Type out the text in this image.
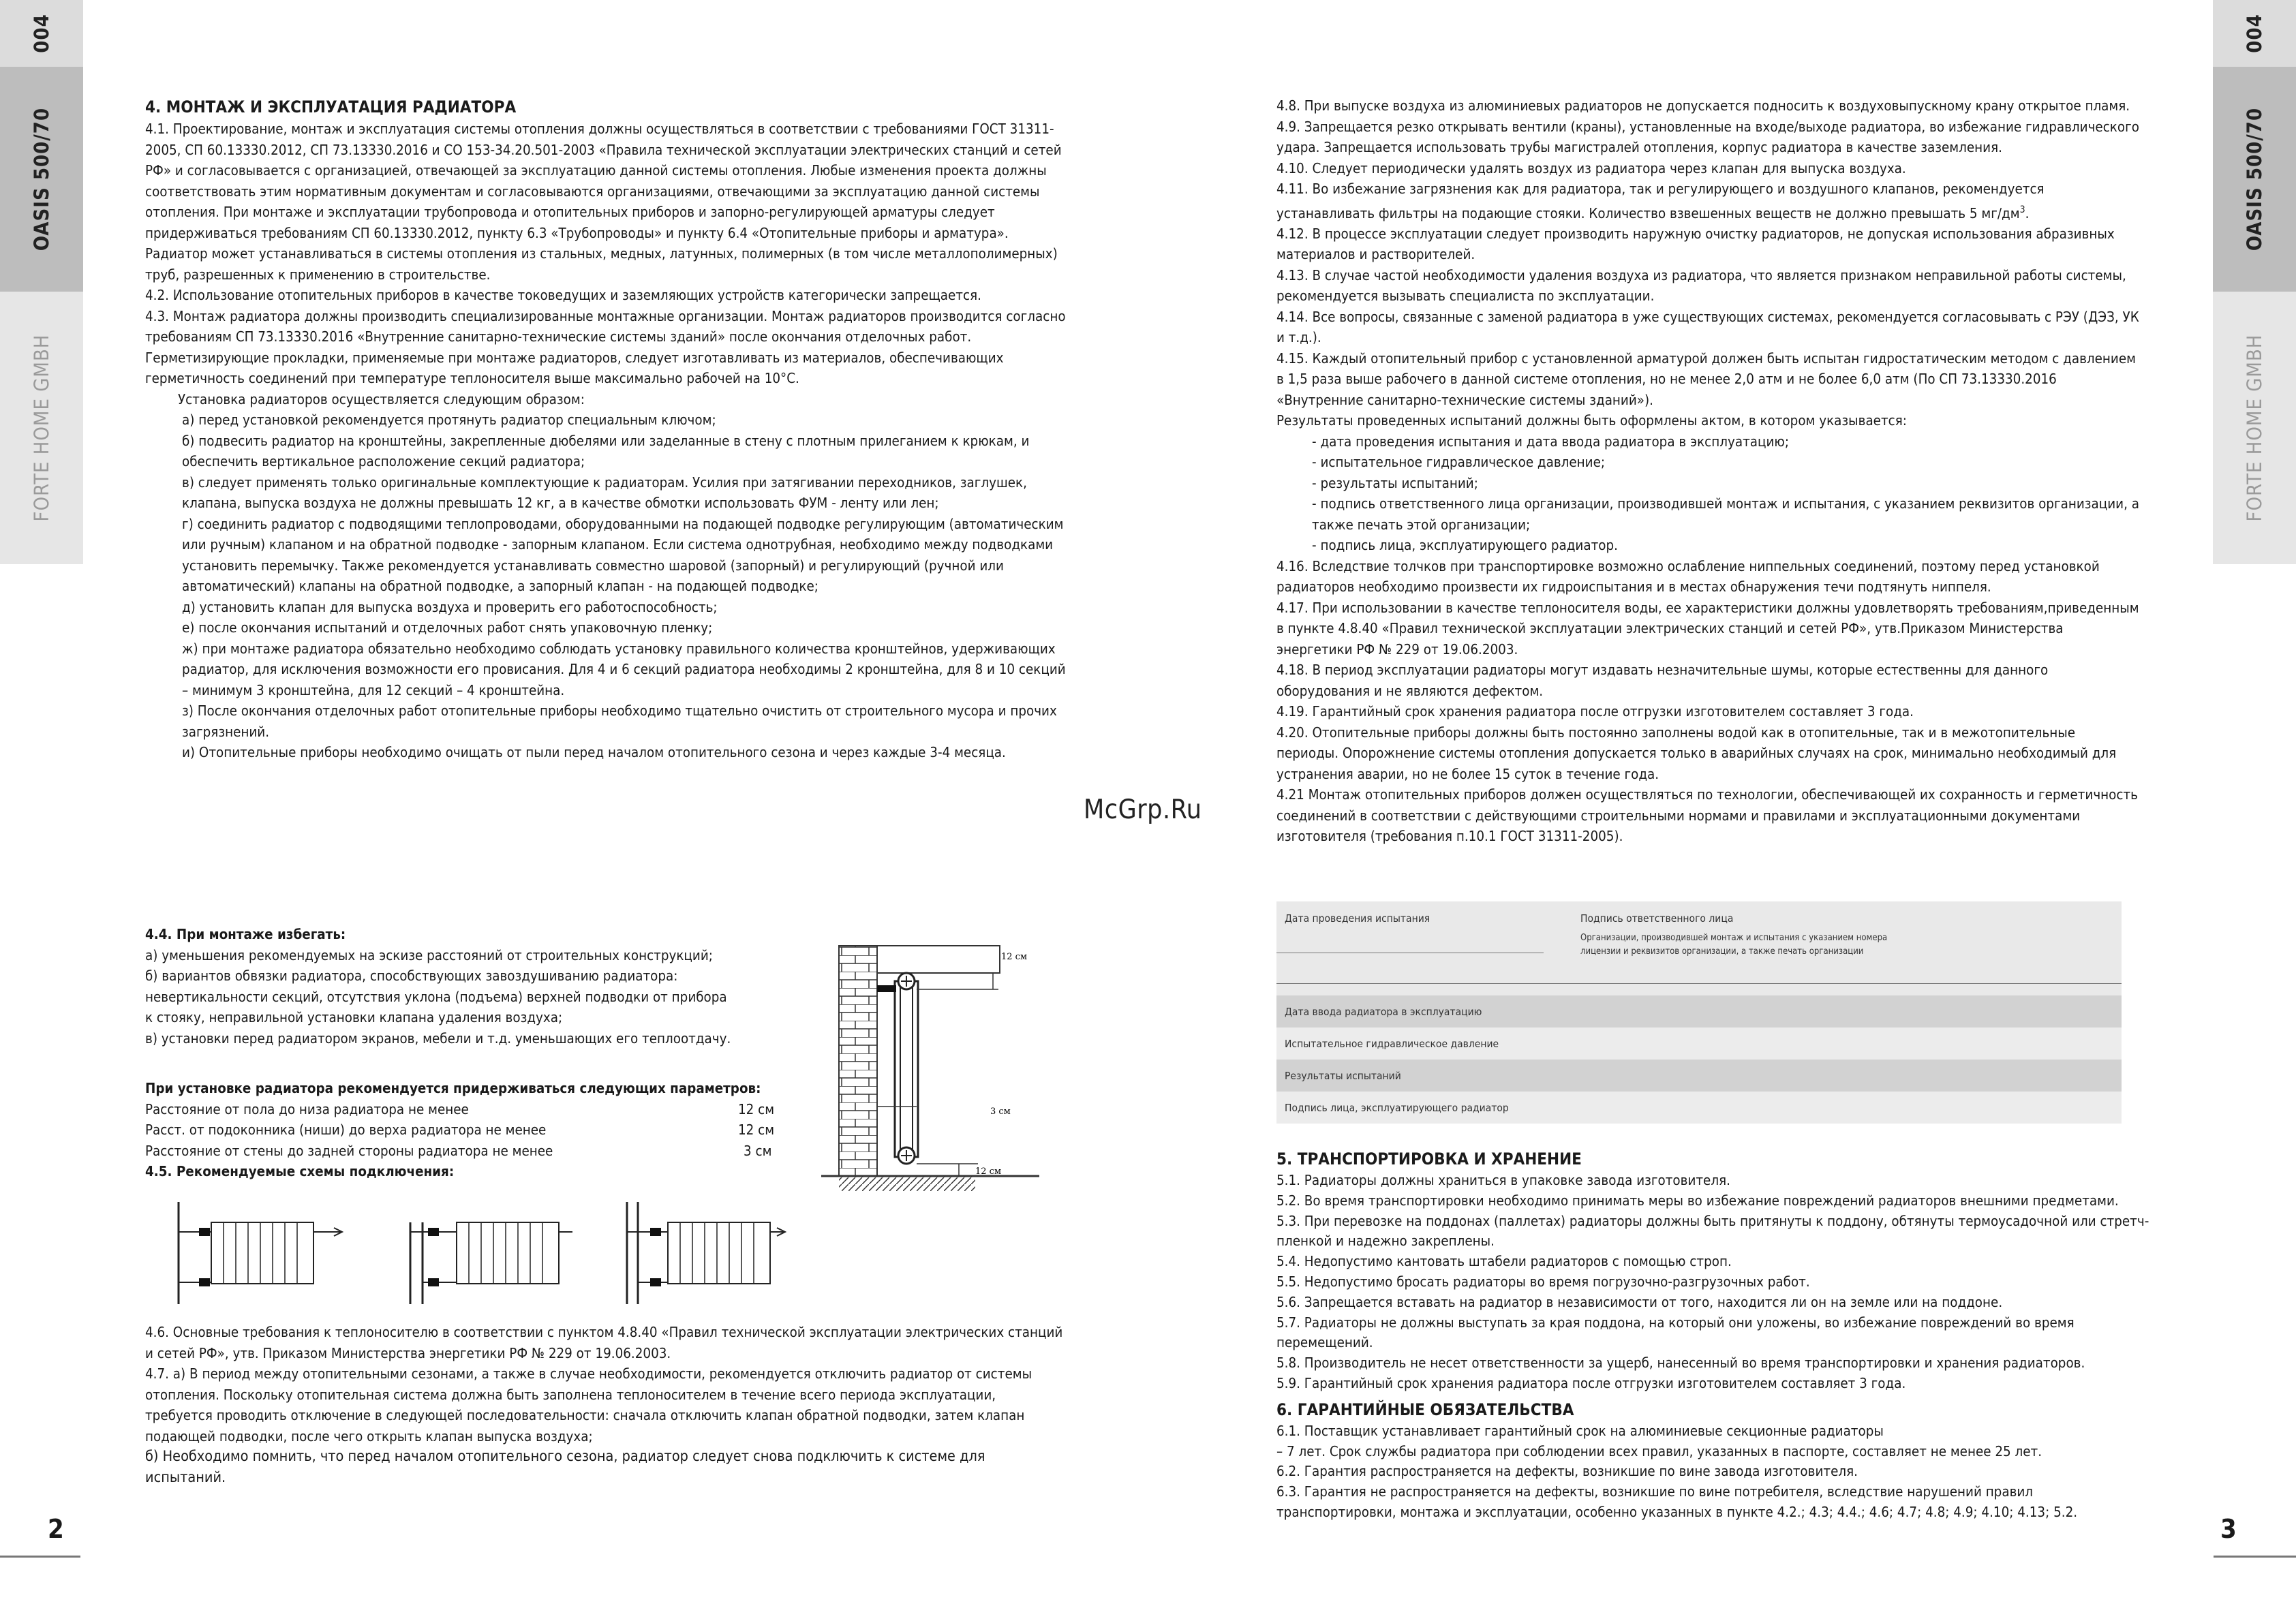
004
OASIS 500/70
FORTE HOME GMBH
004
OASIS 500/70
FORTE HOME GMBH
2	3
McGrp.Ru

4. МОНТАЖ И ЭКСПЛУАТАЦИЯ РАДИАТОРА

4.1. Проектирование, монтаж и эксплуатация системы отопления должны осуществляться в соответствии с требованиями ГОСТ 31311-2005, СП 60.13330.2012, СП 73.13330.2016 и СО 153-34.20.501-2003 «Правила технической эксплуатации электрических станций и сетей РФ» и согласовывается с организацией, отвечающей за эксплуатацию данной системы отопления. Любые изменения проекта должны соответствовать этим нормативным документам и согласовываются организациями, отвечающими за эксплуатацию данной системы отопления. При монтаже и эксплуатации трубопровода и отопительных приборов и запорно-регулирующей арматуры следует придерживаться требованиям СП 60.13330.2012, пункту 6.3 «Трубопроводы» и пункту 6.4 «Отопительные приборы и арматура». Радиатор может устанавливаться в системы отопления из стальных, медных, латунных, полимерных (в том числе металлополимерных) труб, разрешенных к применению в строительстве.

4.2. Использование отопительных приборов в качестве токоведущих и заземляющих устройств категорически запрещается.

4.3. Монтаж радиатора должны производить специализированные монтажные организации. Монтаж радиаторов производится согласно требованиям СП 73.13330.2016 «Внутренние санитарно-технические системы зданий» после окончания отделочных работ. Герметизирующие прокладки, применяемые при монтаже радиаторов, следует изготавливать из материалов, обеспечивающих герметичность соединений при температуре теплоносителя выше максимально рабочей на 10°С.

Установка радиаторов осуществляется следующим образом:

а) перед установкой рекомендуется протянуть радиатор специальным ключом;

б) подвесить радиатор на кронштейны, закрепленные дюбелями или заделанные в стену с плотным прилеганием к крюкам, и обеспечить вертикальное расположение секций радиатора;

в) следует применять только оригинальные комплектующие к радиаторам. Усилия при затягивании переходников, заглушек, клапана, выпуска воздуха не должны превышать 12 кг, а в качестве обмотки использовать ФУМ - ленту или лен;

г) соединить радиатор с подводящими теплопроводами, оборудованными на подающей подводке регулирующим (автоматическим или ручным) клапаном и на обратной подводке - запорным клапаном. Если система однотрубная, необходимо между подводками установить перемычку. Также рекомендуется устанавливать совместно шаровой (запорный) и регулирующий (ручной или автоматический) клапаны на обратной подводке, а запорный клапан - на подающей подводке;

д) установить клапан для выпуска воздуха и проверить его работоспособность;

е) после окончания испытаний и отделочных работ снять упаковочную пленку;

ж) при монтаже радиатора обязательно необходимо соблюдать установку правильного количества кронштейнов, удерживающих радиатор, для исключения возможности его провисания. Для 4 и 6 секций радиатора необходимы 2 кронштейна, для 8 и 10 секций – минимум 3 кронштейна, для 12 секций – 4 кронштейна.

з) После окончания отделочных работ отопительные приборы необходимо тщательно очистить от строительного мусора и прочих загрязнений.

и) Отопительные приборы необходимо очищать от пыли перед началом отопительного сезона и через каждые 3-4 месяца.

4.4. При монтаже избегать:

а) уменьшения рекомендуемых на эскизе расстояний от строительных конструкций;

б) вариантов обвязки радиатора, способствующих завоздушиванию радиатора: невертикальности секций, отсутствия уклона (подъема) верхней подводки от прибора к стояку, неправильной установки клапана удаления воздуха;

в) установки перед радиатором экранов, мебели и т.д. уменьшающих его теплоотдачу.

При установке радиатора рекомендуется придерживаться следующих параметров:

Расстояние от пола до низа радиатора не менее	12 см
Расст. от подоконника (ниши) до верха радиатора не менее	12 см
Расстояние от стены до задней стороны радиатора не менее	3 см

4.5. Рекомендуемые схемы подключения:

12 см
3 см
12 см

4.6. Основные требования к теплоносителю в соответствии с пунктом 4.8.40 «Правил технической эксплуатации электрических станций и сетей РФ», утв. Приказом Министерства энергетики РФ № 229 от 19.06.2003.

4.7. а) В период между отопительными сезонами, а также в случае необходимости, рекомендуется отключить радиатор от системы отопления. Поскольку отопительная система должна быть заполнена теплоносителем в течение всего периода эксплуатации, требуется проводить отключение в следующей последовательности: сначала отключить клапан обратной подводки, затем клапан подающей подводки, после чего открыть клапан выпуска воздуха;

б) Необходимо помнить, что перед началом отопительного сезона, радиатор следует снова подключить к системе для испытаний.

4.8. При выпуске воздуха из алюминиевых радиаторов не допускается подносить к воздуховыпускному крану открытое пламя.

4.9. Запрещается резко открывать вентили (краны), установленные на входе/выходе радиатора, во избежание гидравлического удара. Запрещается использовать трубы магистралей отопления, корпус радиатора в качестве заземления.

4.10. Следует периодически удалять воздух из радиатора через клапан для выпуска воздуха.

4.11. Во избежание загрязнения как для радиатора, так и регулирующего и воздушного клапанов, рекомендуется устанавливать фильтры на подающие стояки. Количество взвешенных веществ не должно превышать 5 $мг/дм^3$.

4.12. В процессе эксплуатации следует производить наружную очистку радиаторов, не допуская использования абразивных материалов и растворителей.

4.13. В случае частой необходимости удаления воздуха из радиатора, что является признаком неправильной работы системы, рекомендуется вызывать специалиста по эксплуатации.

4.14. Все вопросы, связанные с заменой радиатора в уже существующих системах, рекомендуется согласовывать с РЭУ (ДЭЗ, УК и т.д.).

4.15. Каждый отопительный прибор с установленной арматурой должен быть испытан гидростатическим методом с давлением в 1,5 раза выше рабочего в данной системе отопления, но не менее 2,0 атм и не более 6,0 атм (По СП 73.13330.2016 «Внутренние санитарно-технические системы зданий»).

Результаты проведенных испытаний должны быть оформлены актом, в котором указывается:

- дата проведения испытания и дата ввода радиатора в эксплуатацию;

- испытательное гидравлическое давление;

- результаты испытаний;

- подпись ответственного лица организации, производившей монтаж и испытания, с указанием реквизитов организации, а также печать этой организации;

- подпись лица, эксплуатирующего радиатор.

4.16. Вследствие толчков при транспортировке возможно ослабление ниппельных соединений, поэтому перед установкой радиаторов необходимо произвести их гидроиспытания и в местах обнаружения течи подтянуть ниппеля.

4.17. При использовании в качестве теплоносителя воды, ее характеристики должны удовлетворять требованиям,приведенным в пункте 4.8.40 «Правил технической эксплуатации электрических станций и сетей РФ», утв.Приказом Министерства энергетики РФ № 229 от 19.06.2003.

4.18. В период эксплуатации радиаторы могут издавать незначительные шумы, которые естественны для данного оборудования и не являются дефектом.

4.19. Гарантийный срок хранения радиатора после отгрузки изготовителем составляет 3 года.

4.20. Отопительные приборы должны быть постоянно заполнены водой как в отопительные, так и в межотопительные периоды. Опорожнение системы отопления допускается только в аварийных случаях на срок, минимально необходимый для устранения аварии, но не более 15 суток в течение года.

4.21 Монтаж отопительных приборов должен осуществляться по технологии, обеспечивающей их сохранность и герметичность соединений в соответствии с действующими строительными нормами и правилами и эксплуатационными документами изготовителя (требования п.10.1 ГОСТ 31311-2005).

Дата проведения испытания	Подпись ответственного лица
Организации, производившей монтаж и испытания с указанием номера лицензии и реквизитов организации, а также печать организации
Дата ввода радиатора в эксплуатацию
Испытательное гидравлическое давление
Результаты испытаний
Подпись лица, эксплуатирующего радиатор

5. ТРАНСПОРТИРОВКА И ХРАНЕНИЕ

5.1. Радиаторы должны храниться в упаковке завода изготовителя.

5.2. Во время транспортировки необходимо принимать меры во избежание повреждений радиаторов внешними предметами.

5.3. При перевозке на поддонах (паллетах) радиаторы должны быть притянуты к поддону, обтянуты термоусадочной или стретч-пленкой и надежно закреплены.

5.4. Недопустимо кантовать штабели радиаторов с помощью строп.

5.5. Недопустимо бросать радиаторы во время погрузочно-разгрузочных работ.

5.6. Запрещается вставать на радиатор в независимости от того, находится ли он на земле или на поддоне.

5.7. Радиаторы не должны выступать за края поддона, на который они уложены, во избежание повреждений во время перемещений.

5.8. Производитель не несет ответственности за ущерб, нанесенный во время транспортировки и хранения радиаторов.

5.9. Гарантийный срок хранения радиатора после отгрузки изготовителем составляет 3 года.

6. ГАРАНТИЙНЫЕ ОБЯЗАТЕЛЬСТВА

6.1. Поставщик устанавливает гарантийный срок на алюминиевые секционные радиаторы

– 7 лет. Срок службы радиатора при соблюдении всех правил, указанных в паспорте, составляет не менее 25 лет.

6.2. Гарантия распространяется на дефекты, возникшие по вине завода изготовителя.

6.3. Гарантия не распространяется на дефекты, возникшие по вине потребителя, вследствие нарушений правил транспортировки, монтажа и эксплуатации, особенно указанных в пункте 4.2.; 4.3; 4.4.; 4.6; 4.7; 4.8; 4.9; 4.10; 4.13; 5.2.
